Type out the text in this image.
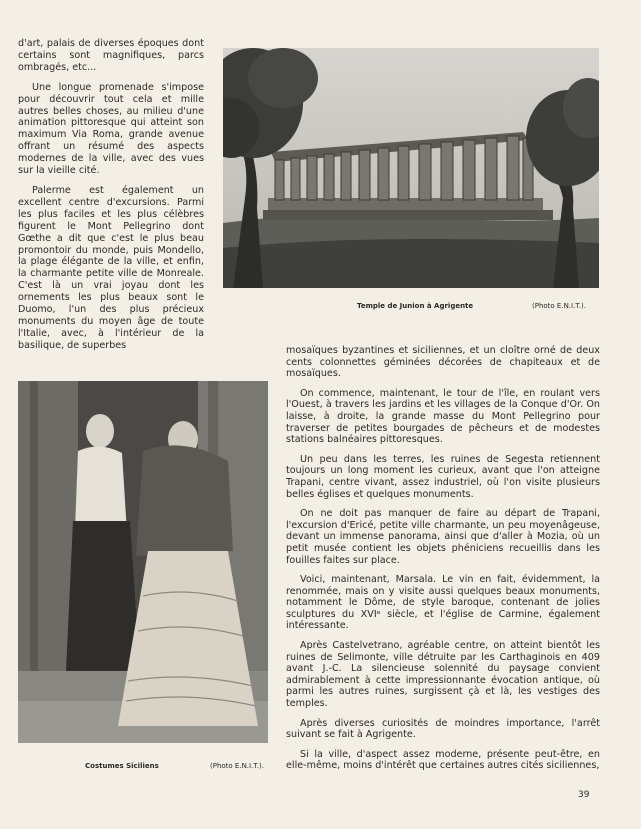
d'art, palais de diverses époques dont certains sont magnifiques, parcs ombragés, etc...

Une longue promenade s'impose pour découvrir tout cela et mille autres belles choses, au milieu d'une animation pittoresque qui atteint son maximum Via Roma, grande avenue offrant un résumé des aspects modernes de la ville, avec des vues sur la vieille cité.

Palerme est également un excellent centre d'excursions. Parmi les plus faciles et les plus célèbres figurent le Mont Pellegrino dont Gœthe a dit que c'est le plus beau promontoir du monde, puis Mondello, la plage élégante de la ville, et enfin, la charmante petite ville de Monreale. C'est là un vrai joyau dont les ornements les plus beaux sont le Duomo, l'un des plus précieux monuments du moyen âge de toute l'Italie, avec, à l'intérieur de la basilique, de superbes

Temple de Junion à Agrigente	(Photo E.N.I.T.).
Costumes Siciliens	(Photo E.N.I.T.).

mosaïques byzantines et siciliennes, et un cloître orné de deux cents colonnettes géminées décorées de chapiteaux et de mosaïques.

On commence, maintenant, le tour de l'île, en roulant vers l'Ouest, à travers les jardins et les villages de la Conque d'Or. On laisse, à droite, la grande masse du Mont Pellegrino pour traverser de petites bourgades de pêcheurs et de modestes stations balnéaires pittoresques.

Un peu dans les terres, les ruines de Segesta retiennent toujours un long moment les curieux, avant que l'on atteigne Trapani, centre vivant, assez industriel, où l'on visite plusieurs belles églises et quelques monuments.

On ne doit pas manquer de faire au départ de Trapani, l'excursion d'Ericé, petite ville charmante, un peu moyenâgeuse, devant un immense panorama, ainsi que d'aller à Mozia, où un petit musée contient les objets phéniciens recueillis dans les fouilles faites sur place.

Voici, maintenant, Marsala. Le vin en fait, évidemment, la renommée, mais on y visite aussi quelques beaux monuments, notamment le Dôme, de style baroque, contenant de jolies sculptures du XVIᵉ siècle, et l'église de Carmine, également intéressante.

Après Castelvetrano, agréable centre, on atteint bientôt les ruines de Selimonte, ville détruite par les Carthaginois en 409 avant J.-C. La silencieuse solennité du paysage convient admirablement à cette impressionnante évocation antique, où parmi les autres ruines, surgissent çà et là, les vestiges des temples.

Après diverses curiosités de moindres importance, l'arrêt suivant se fait à Agrigente.

Si la ville, d'aspect assez moderne, présente peut-être, en elle-même, moins d'intérêt que certaines autres cités siciliennes,

39
